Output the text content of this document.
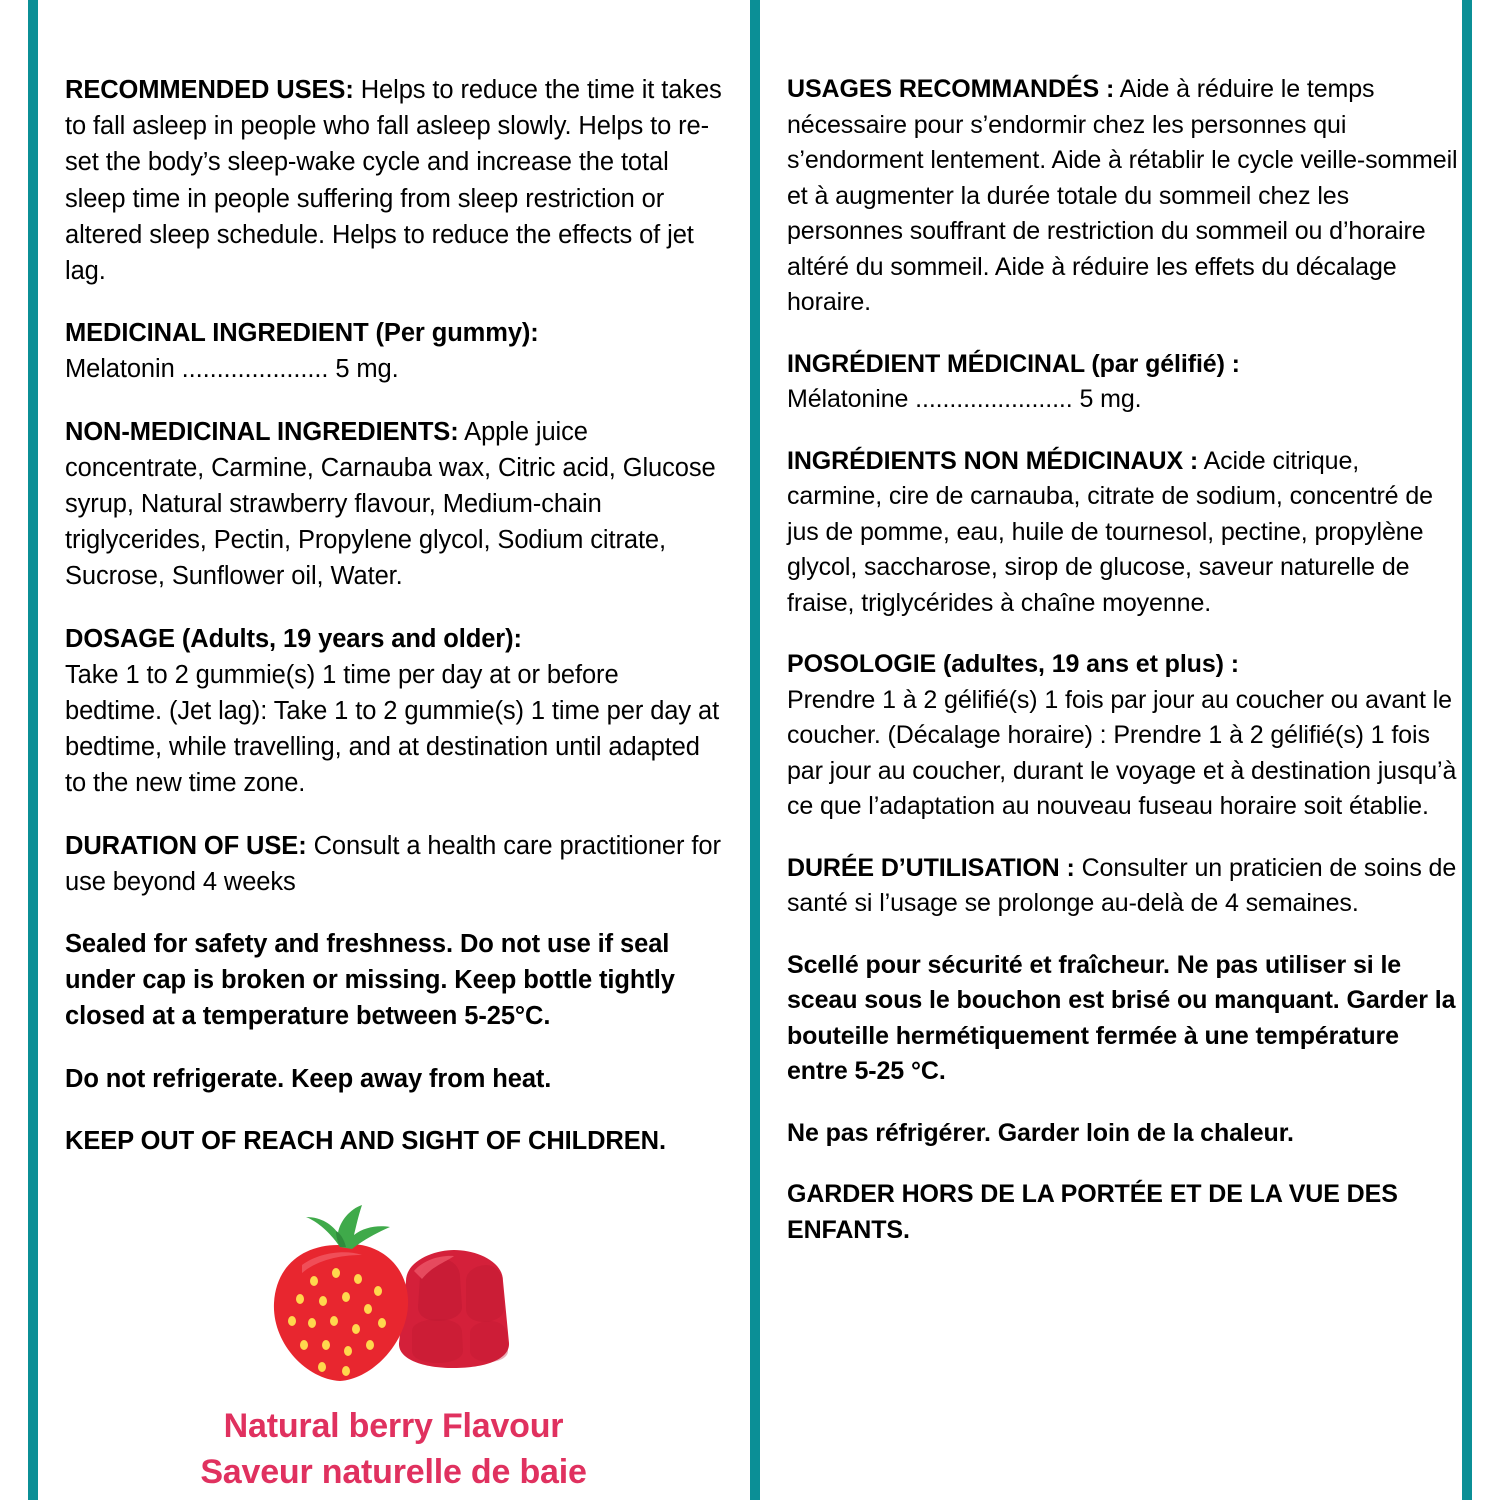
RECOMMENDED USES: Helps to reduce the time it takes to fall asleep in people who fall asleep slowly. Helps to re-set the body’s sleep-wake cycle and increase the total sleep time in people suffering from sleep restriction or altered sleep schedule. Helps to reduce the effects of jet lag.

MEDICINAL INGREDIENT (Per gummy):
Melatonin ..................... 5 mg.

NON-MEDICINAL INGREDIENTS: Apple juice concentrate, Carmine, Carnauba wax, Citric acid, Glucose syrup, Natural strawberry flavour, Medium-chain triglycerides, Pectin, Propylene glycol, Sodium citrate, Sucrose, Sunflower oil, Water.

DOSAGE (Adults, 19 years and older):
Take 1 to 2 gummie(s) 1 time per day at or before bedtime. (Jet lag): Take 1 to 2 gummie(s) 1 time per day at bedtime, while travelling, and at destination until adapted to the new time zone.

DURATION OF USE: Consult a health care practitioner for use beyond 4 weeks

Sealed for safety and freshness. Do not use if seal under cap is broken or missing. Keep bottle tightly closed at a temperature between 5-25°C.

Do not refrigerate. Keep away from heat.

KEEP OUT OF REACH AND SIGHT OF CHILDREN.

Natural berry Flavour
Saveur naturelle de baie

USAGES RECOMMANDÉS : Aide à réduire le temps nécessaire pour s’endormir chez les personnes qui s’endorment lentement. Aide à rétablir le cycle veille-sommeil et à augmenter la durée totale du sommeil chez les personnes souffrant de restriction du sommeil ou d’horaire altéré du sommeil. Aide à réduire les effets du décalage horaire.

INGRÉDIENT MÉDICINAL (par gélifié) :
Mélatonine ....................... 5 mg.

INGRÉDIENTS NON MÉDICINAUX : Acide citrique, carmine, cire de carnauba, citrate de sodium, concentré de jus de pomme, eau, huile de tournesol, pectine, propylène glycol, saccharose, sirop de glucose, saveur naturelle de fraise, triglycérides à chaîne moyenne.

POSOLOGIE (adultes, 19 ans et plus) :
Prendre 1 à 2 gélifié(s) 1 fois par jour au coucher ou avant le coucher. (Décalage horaire) : Prendre 1 à 2 gélifié(s) 1 fois par jour au coucher, durant le voyage et à destination jusqu’à ce que l’adaptation au nouveau fuseau horaire soit établie.

DURÉE D’UTILISATION : Consulter un praticien de soins de santé si l’usage se prolonge au-delà de 4 semaines.

Scellé pour sécurité et fraîcheur. Ne pas utiliser si le sceau sous le bouchon est brisé ou manquant. Garder la bouteille hermétiquement fermée à une température entre 5-25 °C.

Ne pas réfrigérer. Garder loin de la chaleur.

GARDER HORS DE LA PORTÉE ET DE LA VUE DES ENFANTS.
